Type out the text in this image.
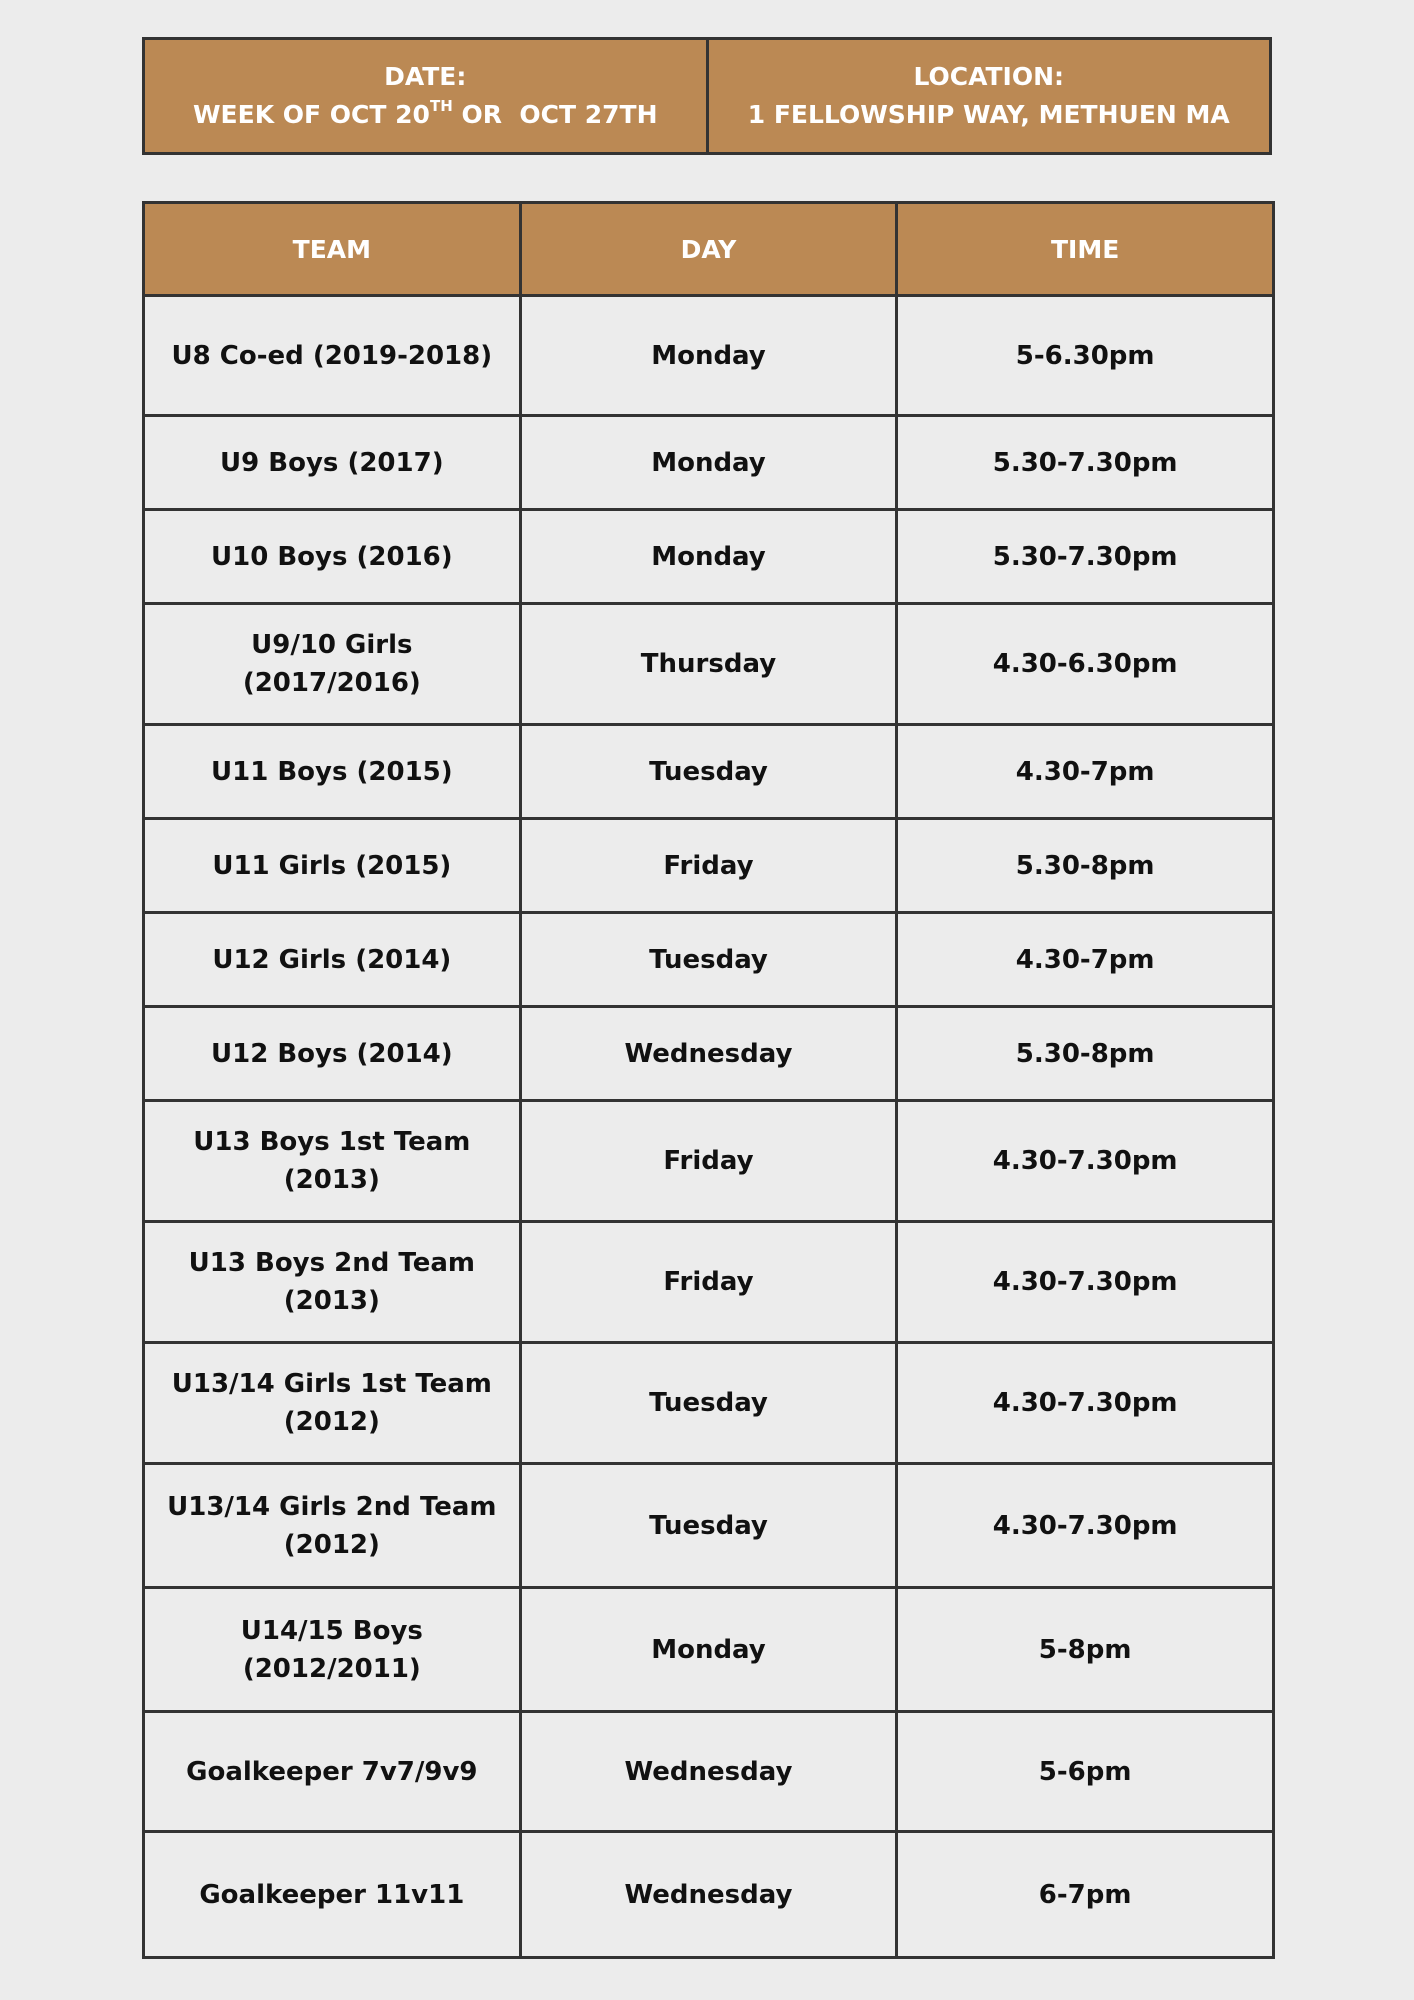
DATE:
WEEK OF OCT 20TH OR  OCT 27TH

LOCATION:
1 FELLOWSHIP WAY, METHUEN MA
TEAM	DAY	TIME
U8 Co-ed (2019-2018)	Monday	5-6.30pm
U9 Boys (2017)	Monday	5.30-7.30pm
U10 Boys (2016)	Monday	5.30-7.30pm
U9/10 Girls (2017/2016)	Thursday	4.30-6.30pm
U11 Boys (2015)	Tuesday	4.30-7pm
U11 Girls (2015)	Friday	5.30-8pm
U12 Girls (2014)	Tuesday	4.30-7pm
U12 Boys (2014)	Wednesday	5.30-8pm
U13 Boys 1st Team (2013)	Friday	4.30-7.30pm
U13 Boys 2nd Team (2013)	Friday	4.30-7.30pm
U13/14 Girls 1st Team (2012)	Tuesday	4.30-7.30pm
U13/14 Girls 2nd Team (2012)	Tuesday	4.30-7.30pm
U14/15 Boys (2012/2011)	Monday	5-8pm
Goalkeeper 7v7/9v9	Wednesday	5-6pm
Goalkeeper 11v11	Wednesday	6-7pm
